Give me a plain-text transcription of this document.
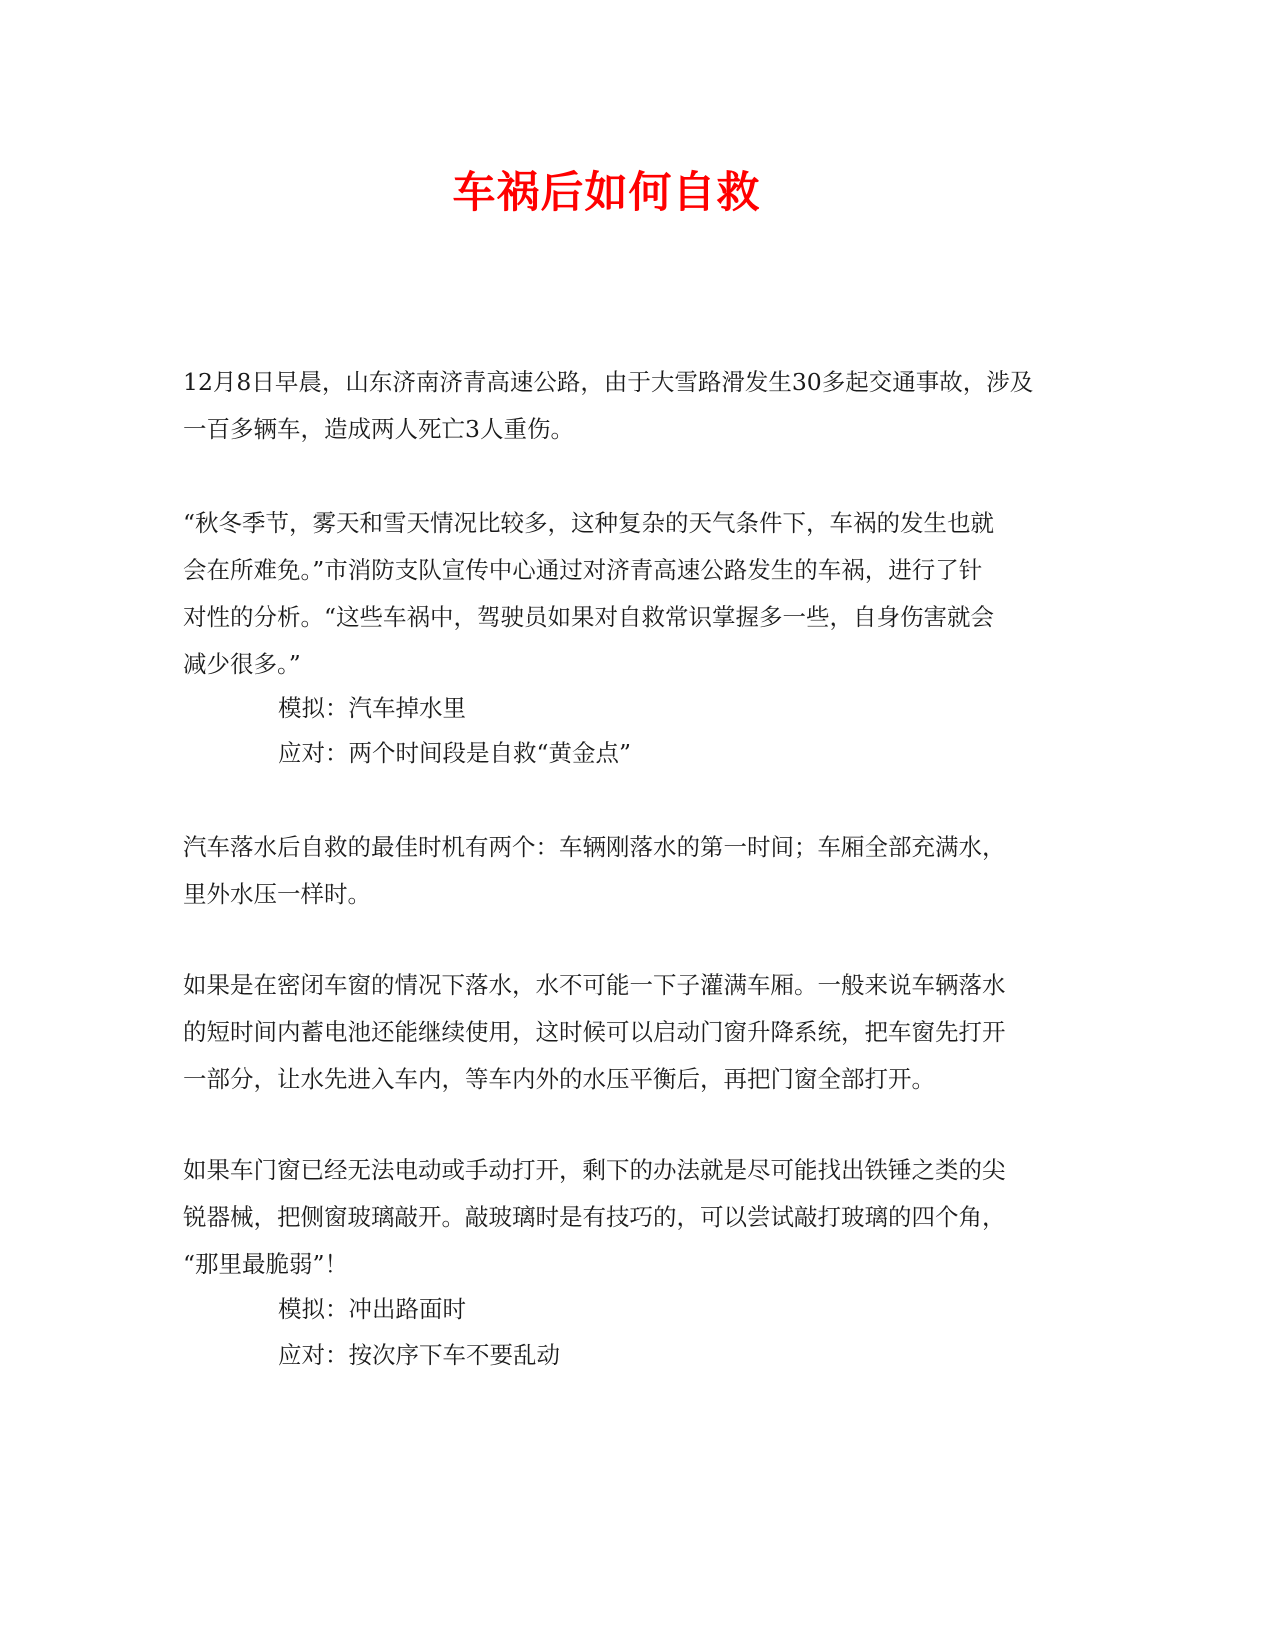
车祸后如何自救
12月8日早晨，山东济南济青高速公路，由于大雪路滑发生30多起交通事故，涉及
一百多辆车，造成两人死亡3人重伤。
“秋冬季节，雾天和雪天情况比较多，这种复杂的天气条件下，车祸的发生也就
会在所难免。”市消防支队宣传中心通过对济青高速公路发生的车祸，进行了针
对性的分析。“这些车祸中，驾驶员如果对自救常识掌握多一些，自身伤害就会
减少很多。”
模拟：汽车掉水里
应对：两个时间段是自救“黄金点”
汽车落水后自救的最佳时机有两个：车辆刚落水的第一时间；车厢全部充满水，
里外水压一样时。
如果是在密闭车窗的情况下落水，水不可能一下子灌满车厢。一般来说车辆落水
的短时间内蓄电池还能继续使用，这时候可以启动门窗升降系统，把车窗先打开
一部分，让水先进入车内，等车内外的水压平衡后，再把门窗全部打开。
如果车门窗已经无法电动或手动打开，剩下的办法就是尽可能找出铁锤之类的尖
锐器械，把侧窗玻璃敲开。敲玻璃时是有技巧的，可以尝试敲打玻璃的四个角，
“那里最脆弱”！
模拟：冲出路面时
应对：按次序下车不要乱动
